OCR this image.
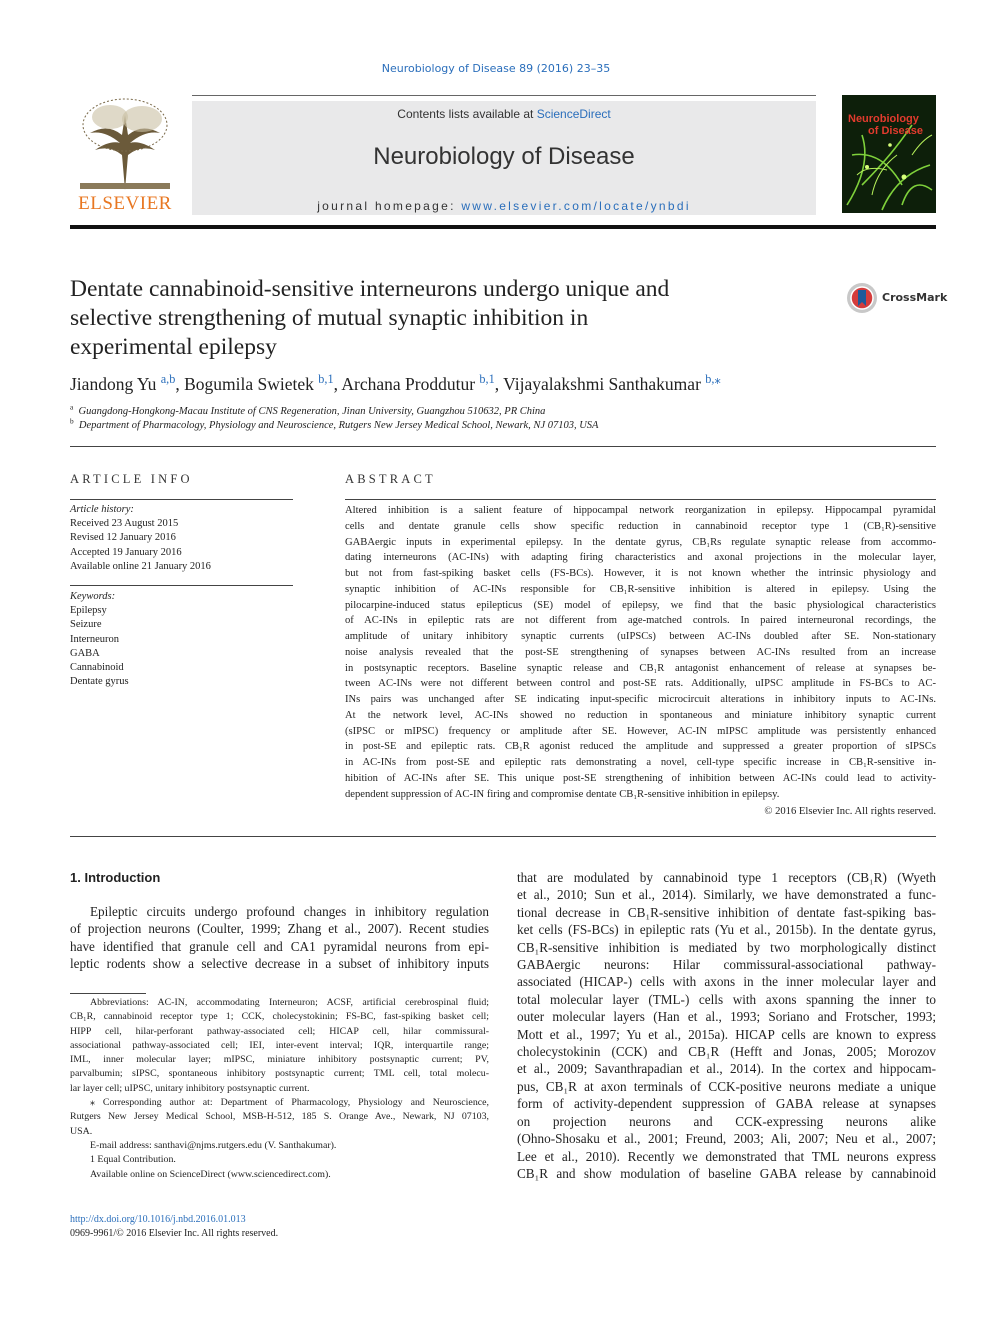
Neurobiology of Disease 89 (2016) 23–35
ELSEVIER
Contents lists available at ScienceDirect
Neurobiology of Disease
journal homepage: www.elsevier.com/locate/ynbdi
Neurobiology
of Disease
Dentate cannabinoid-sensitive interneurons undergo unique and
selective strengthening of mutual synaptic inhibition in
experimental epilepsy
CrossMark
Jiandong Yu $^{a,b}$, Bogumila Swietek $^{b,1}$, Archana Proddutur $^{b,1}$, Vijayalakshmi Santhakumar $^{b,⁎}$
$^a$ Guangdong-Hongkong-Macau Institute of CNS Regeneration, Jinan University, Guangzhou 510632, PR China
$^b$ Department of Pharmacology, Physiology and Neuroscience, Rutgers New Jersey Medical School, Newark, NJ 07103, USA
ARTICLE INFO
Article history:
Received 23 August 2015
Revised 12 January 2016
Accepted 19 January 2016
Available online 21 January 2016
Keywords:
Epilepsy
Seizure
Interneuron
GABA
Cannabinoid
Dentate gyrus
ABSTRACT
Altered inhibition is a salient feature of hippocampal network reorganization in epilepsy. Hippocampal pyramidal
cells and dentate granule cells show specific reduction in cannabinoid receptor type 1 (CB₁R)-sensitive
GABAergic inputs in experimental epilepsy. In the dentate gyrus, CB₁Rs regulate synaptic release from accommo-
dating interneurons (AC-INs) with adapting firing characteristics and axonal projections in the molecular layer,
but not from fast-spiking basket cells (FS-BCs). However, it is not known whether the intrinsic physiology and
synaptic inhibition of AC-INs responsible for CB₁R-sensitive inhibition is altered in epilepsy. Using the
pilocarpine-induced status epilepticus (SE) model of epilepsy, we find that the basic physiological characteristics
of AC-INs in epileptic rats are not different from age-matched controls. In paired interneuronal recordings, the
amplitude of unitary inhibitory synaptic currents (uIPSCs) between AC-INs doubled after SE. Non-stationary
noise analysis revealed that the post-SE strengthening of synapses between AC-INs resulted from an increase
in postsynaptic receptors. Baseline synaptic release and CB₁R antagonist enhancement of release at synapses be-
tween AC-INs were not different between control and post-SE rats. Additionally, uIPSC amplitude in FS-BCs to AC-
INs pairs was unchanged after SE indicating input-specific microcircuit alterations in inhibitory inputs to AC-INs.
At the network level, AC-INs showed no reduction in spontaneous and miniature inhibitory synaptic current
(sIPSC or mIPSC) frequency or amplitude after SE. However, AC-IN mIPSC amplitude was persistently enhanced
in post-SE and epileptic rats. CB₁R agonist reduced the amplitude and suppressed a greater proportion of sIPSCs
in AC-INs from post-SE and epileptic rats demonstrating a novel, cell-type specific increase in CB₁R-sensitive in-
hibition of AC-INs after SE. This unique post-SE strengthening of inhibition between AC-INs could lead to activity-
dependent suppression of AC-IN firing and compromise dentate CB₁R-sensitive inhibition in epilepsy.
© 2016 Elsevier Inc. All rights reserved.
1. Introduction
Epileptic circuits undergo profound changes in inhibitory regulation
of projection neurons (Coulter, 1999; Zhang et al., 2007). Recent studies
have identified that granule cell and CA1 pyramidal neurons from epi-
leptic rodents show a selective decrease in a subset of inhibitory inputs
Abbreviations: AC-IN, accommodating Interneuron; ACSF, artificial cerebrospinal fluid;
CB₁R, cannabinoid receptor type 1; CCK, cholecystokinin; FS-BC, fast-spiking basket cell;
HIPP cell, hilar-perforant pathway-associated cell; HICAP cell, hilar commissural-
associational pathway-associated cell; IEI, inter-event interval; IQR, interquartile range;
IML, inner molecular layer; mIPSC, miniature inhibitory postsynaptic current; PV,
parvalbumin; sIPSC, spontaneous inhibitory postsynaptic current; TML cell, total molecu-
lar layer cell; uIPSC, unitary inhibitory postsynaptic current.
⁎ Corresponding author at: Department of Pharmacology, Physiology and Neuroscience,
Rutgers New Jersey Medical School, MSB-H-512, 185 S. Orange Ave., Newark, NJ 07103,
USA.
E-mail address: santhavi@njms.rutgers.edu (V. Santhakumar).
1 Equal Contribution.
Available online on ScienceDirect (www.sciencedirect.com).
that are modulated by cannabinoid type 1 receptors (CB₁R) (Wyeth
et al., 2010; Sun et al., 2014). Similarly, we have demonstrated a func-
tional decrease in CB₁R-sensitive inhibition of dentate fast-spiking bas-
ket cells (FS-BCs) in epileptic rats (Yu et al., 2015b). In the dentate gyrus,
CB₁R-sensitive inhibition is mediated by two morphologically distinct
GABAergic neurons: Hilar commissural-associational pathway-
associated (HICAP-) cells with axons in the inner molecular layer and
total molecular layer (TML-) cells with axons spanning the inner to
outer molecular layers (Han et al., 1993; Soriano and Frotscher, 1993;
Mott et al., 1997; Yu et al., 2015a). HICAP cells are known to express
cholecystokinin (CCK) and CB₁R (Hefft and Jonas, 2005; Morozov
et al., 2009; Savanthrapadian et al., 2014). In the cortex and hippocam-
pus, CB₁R at axon terminals of CCK-positive neurons mediate a unique
form of activity-dependent suppression of GABA release at synapses
on projection neurons and CCK-expressing neurons alike
(Ohno-Shosaku et al., 2001; Freund, 2003; Ali, 2007; Neu et al., 2007;
Lee et al., 2010). Recently we demonstrated that TML neurons express
CB₁R and show modulation of baseline GABA release by cannabinoid
http://dx.doi.org/10.1016/j.nbd.2016.01.013
0969-9961/© 2016 Elsevier Inc. All rights reserved.
